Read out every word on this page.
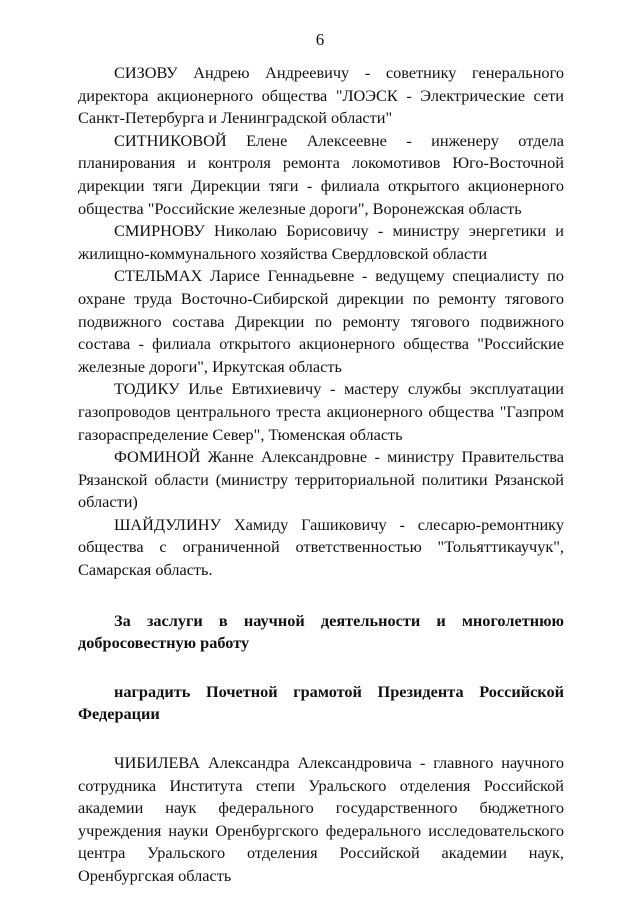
6

СИЗОВУ Андрею Андреевичу - советнику генерального директора акционерного общества "ЛОЭСК - Электрические сети Санкт-Петербурга и Ленинградской области"

СИТНИКОВОЙ Елене Алексеевне - инженеру отдела планирования и контроля ремонта локомотивов Юго-Восточной дирекции тяги Дирекции тяги - филиала открытого акционерного общества "Российские железные дороги", Воронежская область

СМИРНОВУ Николаю Борисовичу - министру энергетики и жилищно-коммунального хозяйства Свердловской области

СТЕЛЬМАХ Ларисе Геннадьевне - ведущему специалисту по охране труда Восточно-Сибирской дирекции по ремонту тягового подвижного состава Дирекции по ремонту тягового подвижного состава - филиала открытого акционерного общества "Российские железные дороги", Иркутская область

ТОДИКУ Илье Евтихиевичу - мастеру службы эксплуатации газопроводов центрального треста акционерного общества "Газпром газораспределение Север", Тюменская область

ФОМИНОЙ Жанне Александровне - министру Правительства Рязанской области (министру территориальной политики Рязанской области)

ШАЙДУЛИНУ Хамиду Гашиковичу - слесарю-ремонтнику общества с ограниченной ответственностью "Тольяттикаучук", Самарская область.

За заслуги в научной деятельности и многолетнюю добросовестную работу

наградить Почетной грамотой Президента Российской Федерации

ЧИБИЛЕВА Александра Александровича - главного научного сотрудника Института степи Уральского отделения Российской академии наук федерального государственного бюджетного учреждения науки Оренбургского федерального исследовательского центра Уральского отделения Российской академии наук, Оренбургская область
